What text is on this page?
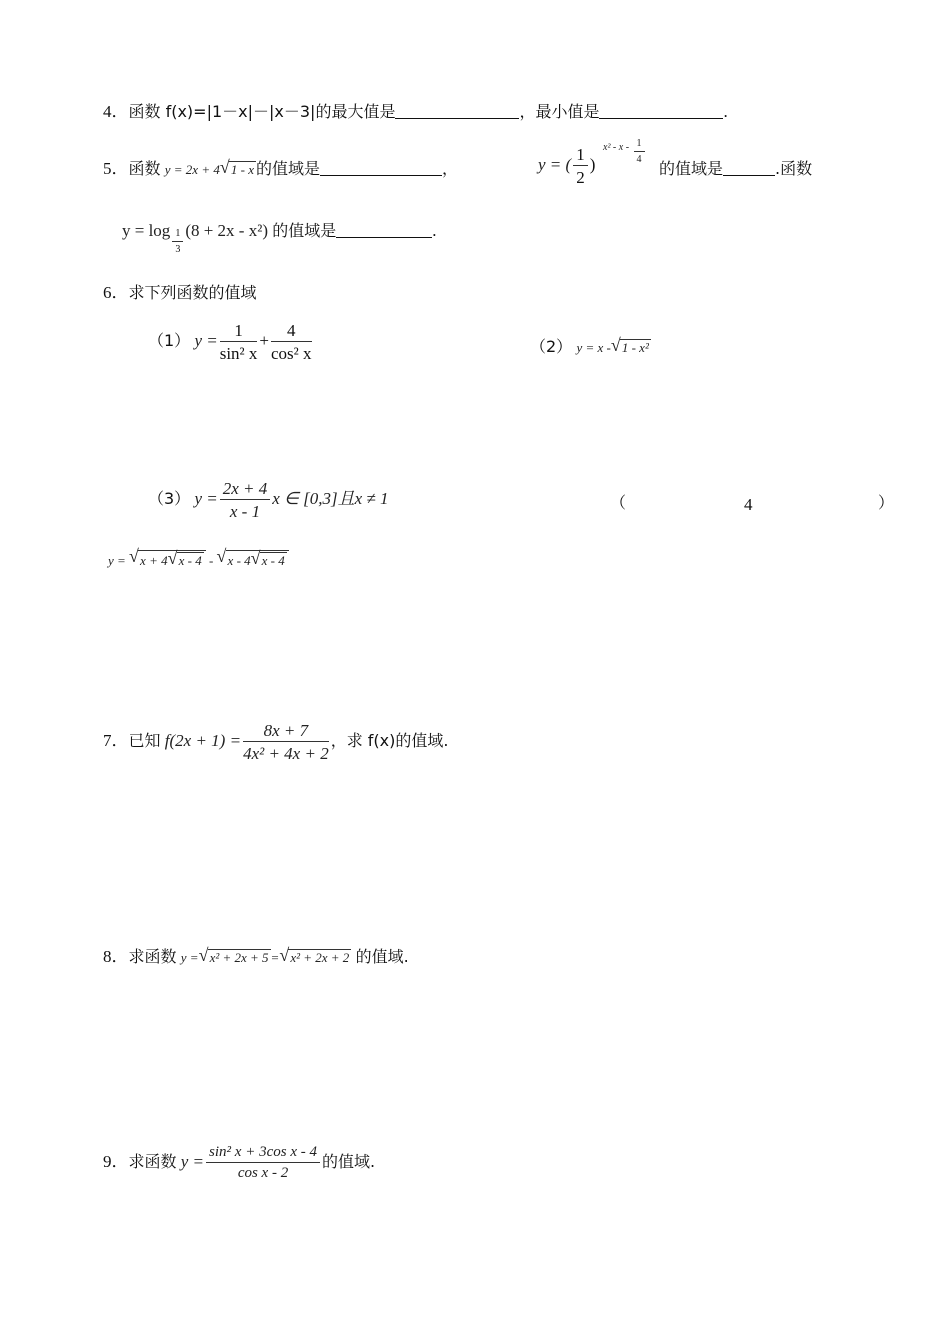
4．函数 f(x)=|1－x|－|x－3|的最大值是	，最小值是	.
5．函数 y = 2x + 4 √ 1 - x 的值域是	，	y = ( $\frac{1}{2}$ )
x² - x - $\frac{1}{4}$
的值域是	.函数
$y = \log \frac{1}{3} (8 + 2x - x^2)$ 的值域是	.
6．求下列函数的值域
（1） $y = \frac{1}{\text{sin² x}} + \frac{4}{\text{cos² x}}$	（2） y = x - √ 1 - x²
（3） $y = \frac{2x + 4}{x - 1}$ x ∈ [0,3]且x ≠ 1	（	4	）
y = √ x + 4 √ x - 4 - √ x - 4 √ x - 4
7．已知 $f(2x + 1) = \frac{8x + 7}{\text{4x² + 4x + 2}}$ ，求 f(x)的值域.
8．求函数 y = √ x² + 2x + 5 = √ x² + 2x + 2 的值域.
9．求函数 $y = \frac{\text{sin² x + 3cos x - 4}}{\text{cos x - 2}}$ 的值域.
